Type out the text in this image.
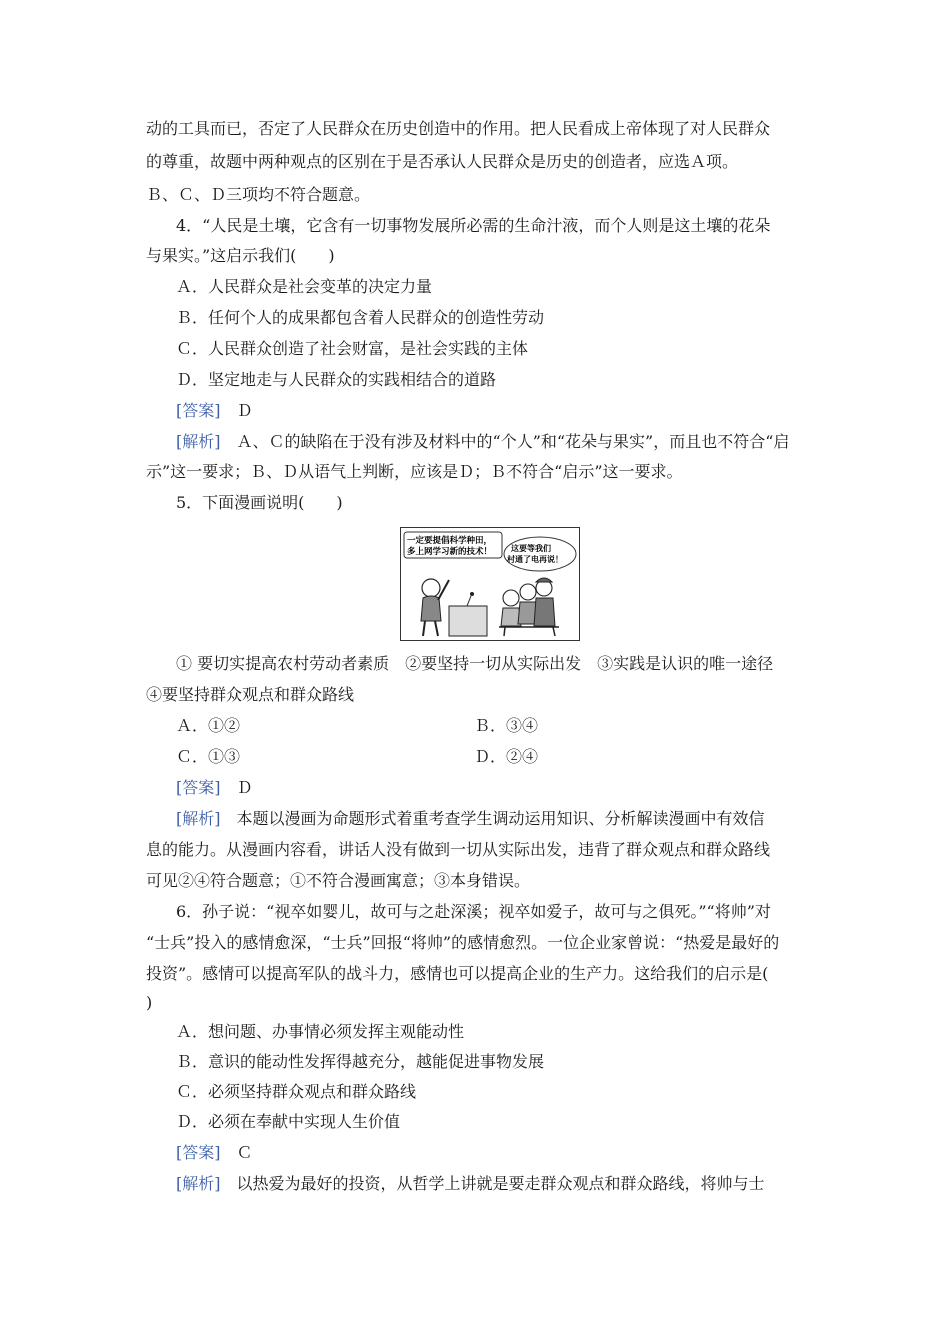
动的工具而已，否定了人民群众在历史创造中的作用。把人民看成上帝体现了对人民群众
的尊重，故题中两种观点的区别在于是否承认人民群众是历史的创造者，应选Ａ项。
Ｂ、Ｃ、Ｄ三项均不符合题意。
4．“人民是土壤，它含有一切事物发展所必需的生命汁液，而个人则是这土壤的花朵
与果实。”这启示我们(　　)
Ａ．人民群众是社会变革的决定力量
Ｂ．任何个人的成果都包含着人民群众的创造性劳动
Ｃ．人民群众创造了社会财富，是社会实践的主体
Ｄ．坚定地走与人民群众的实践相结合的道路
[答案]　 Ｄ
[解析]　 Ａ、Ｃ的缺陷在于没有涉及材料中的“个人”和“花朵与果实”，而且也不符合“启
示”这一要求；Ｂ、Ｄ从语气上判断，应该是Ｄ；Ｂ不符合“启示”这一要求。
5．下面漫画说明(　　)
一定要提倡科学种田，
多上网学习新的技术！ 这要等我们
村通了电再说！
① 要切实提高农村劳动者素质　②要坚持一切从实际出发　③实践是认识的唯一途径
④要坚持群众观点和群众路线
Ａ．①②	Ｂ．③④
Ｃ．①③	Ｄ．②④
[答案]　 Ｄ
[解析]　 本题以漫画为命题形式着重考查学生调动运用知识、分析解读漫画中有效信
息的能力。从漫画内容看，讲话人没有做到一切从实际出发，违背了群众观点和群众路线
可见②④符合题意；①不符合漫画寓意；③本身错误。
6．孙子说：“视卒如婴儿，故可与之赴深溪；视卒如爱子，故可与之俱死。”“将帅”对
“士兵”投入的感情愈深，“士兵”回报“将帅”的感情愈烈。一位企业家曾说：“热爱是最好的
投资”。感情可以提高军队的战斗力，感情也可以提高企业的生产力。这给我们的启示是(
)
Ａ．想问题、办事情必须发挥主观能动性
Ｂ．意识的能动性发挥得越充分，越能促进事物发展
Ｃ．必须坚持群众观点和群众路线
Ｄ．必须在奉献中实现人生价值
[答案]　 Ｃ
[解析]　 以热爱为最好的投资，从哲学上讲就是要走群众观点和群众路线，将帅与士
